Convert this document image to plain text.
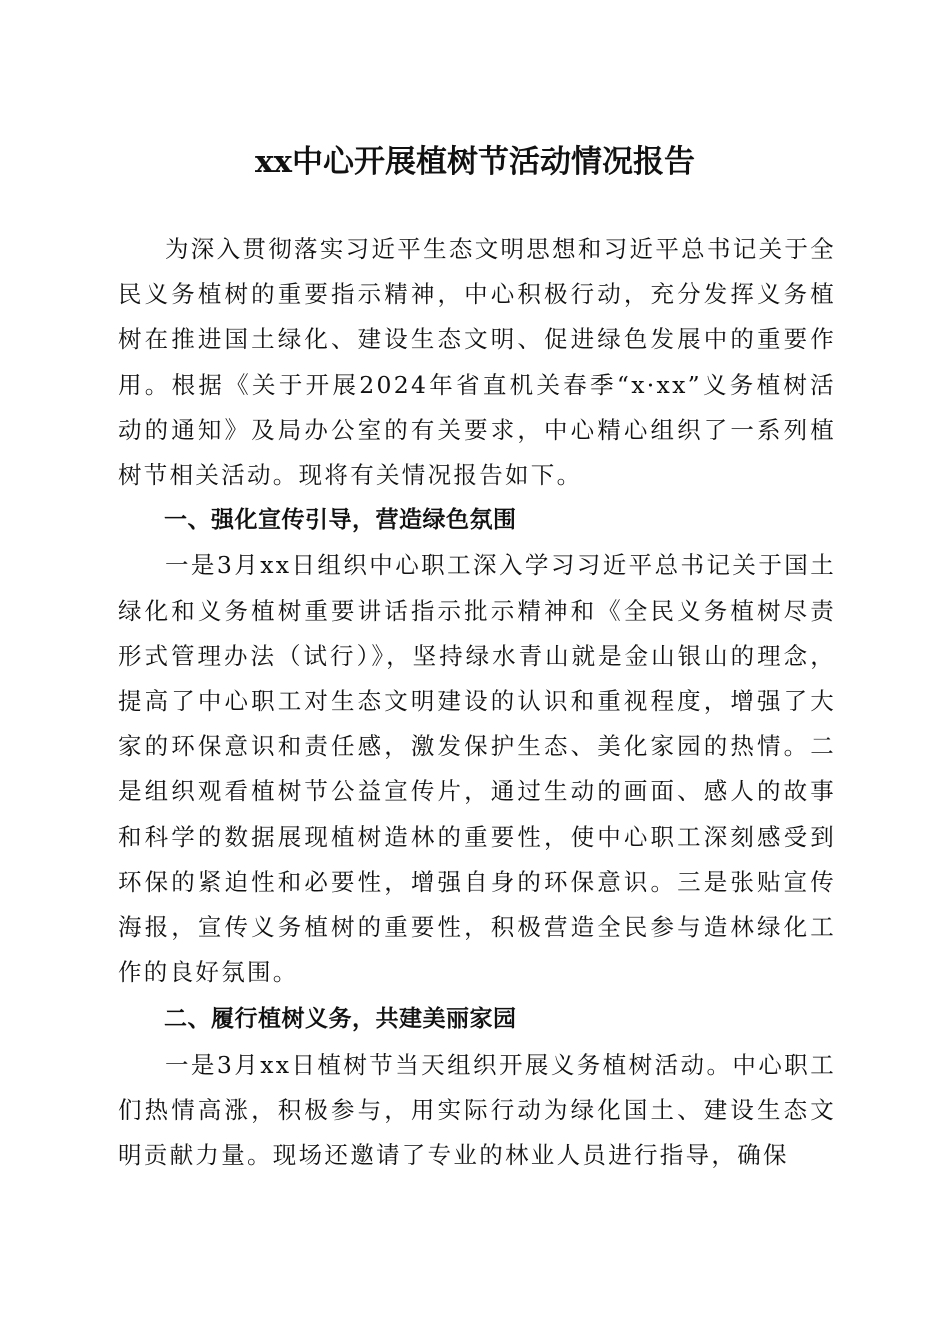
xx中心开展植树节活动情况报告

为深入贯彻落实习近平生态文明思想和习近平总书记关于全民义务植树的重要指示精神，中心积极行动，充分发挥义务植树在推进国土绿化、建设生态文明、促进绿色发展中的重要作用。根据《关于开展2024年省直机关春季“x·xx”义务植树活动的通知》及局办公室的有关要求，中心精心组织了一系列植树节相关活动。现将有关情况报告如下。

一、强化宣传引导，营造绿色氛围

一是3月xx日组织中心职工深入学习习近平总书记关于国土绿化和义务植树重要讲话指示批示精神和《全民义务植树尽责形式管理办法（试行）》，坚持绿水青山就是金山银山的理念，提高了中心职工对生态文明建设的认识和重视程度，增强了大家的环保意识和责任感，激发保护生态、美化家园的热情。二是组织观看植树节公益宣传片，通过生动的画面、感人的故事和科学的数据展现植树造林的重要性，使中心职工深刻感受到环保的紧迫性和必要性，增强自身的环保意识。三是张贴宣传海报，宣传义务植树的重要性，积极营造全民参与造林绿化工作的良好氛围。

二、履行植树义务，共建美丽家园

一是3月xx日植树节当天组织开展义务植树活动。中心职工们热情高涨，积极参与，用实际行动为绿化国土、建设生态文明贡献力量。现场还邀请了专业的林业人员进行指导，确保
